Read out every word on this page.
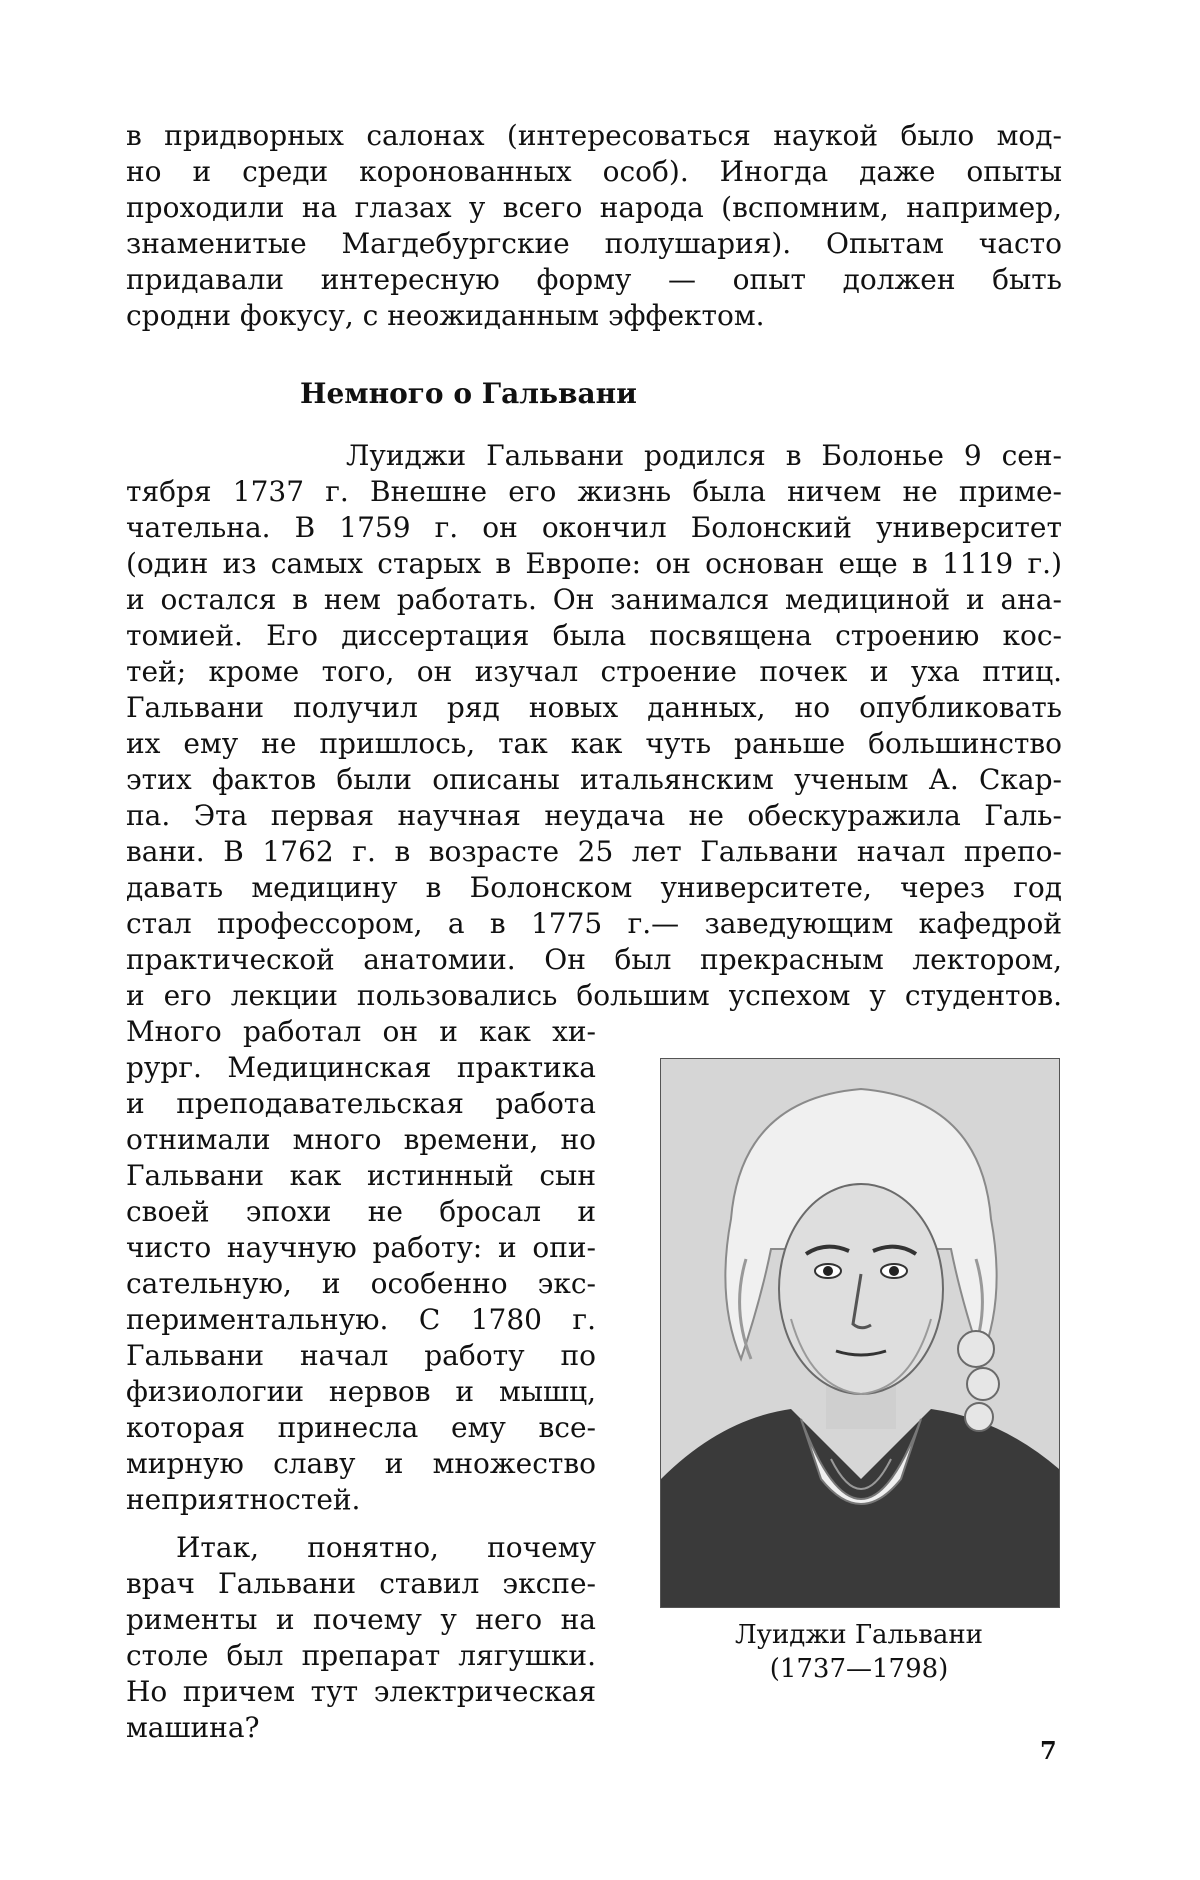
в придворных салонах (интересоваться наукой было мод-
но и среди коронованных особ). Иногда даже опыты
проходили на глазах у всего народа (вспомним, например,
знаменитые Магдебургские полушария). Опытам часто
придавали интересную форму — опыт должен быть
сродни фокусу, с неожиданным эффектом.
Немного о Гальвани
Луиджи Гальвани родился в Болонье 9 сен-
тября 1737 г. Внешне его жизнь была ничем не приме-
чательна. В 1759 г. он окончил Болонский университет
(один из самых старых в Европе: он основан еще в 1119 г.)
и остался в нем работать. Он занимался медициной и ана-
томией. Его диссертация была посвящена строению кос-
тей; кроме того, он изучал строение почек и уха птиц.
Гальвани получил ряд новых данных, но опубликовать
их ему не пришлось, так как чуть раньше большинство
этих фактов были описаны итальянским ученым А. Скар-
па. Эта первая научная неудача не обескуражила Галь-
вани. В 1762 г. в возрасте 25 лет Гальвани начал препо-
давать медицину в Болонском университете, через год
стал профессором, а в 1775 г.— заведующим кафедрой
практической анатомии. Он был прекрасным лектором,
и его лекции пользовались большим успехом у студентов.
Много работал он и как хи-
рург. Медицинская практика
и преподавательская работа
отнимали много времени, но
Гальвани как истинный сын
своей эпохи не бросал и
чисто научную работу: и опи-
сательную, и особенно экс-
периментальную. С 1780 г.
Гальвани начал работу по
физиологии нервов и мышц,
которая принесла ему все-
мирную славу и множество
неприятностей.
Итак, понятно, почему
врач Гальвани ставил экспе-
рименты и почему у него на
столе был препарат лягушки.
Но причем тут электрическая
машина?
Луиджи Гальвани
(1737—1798)
7
